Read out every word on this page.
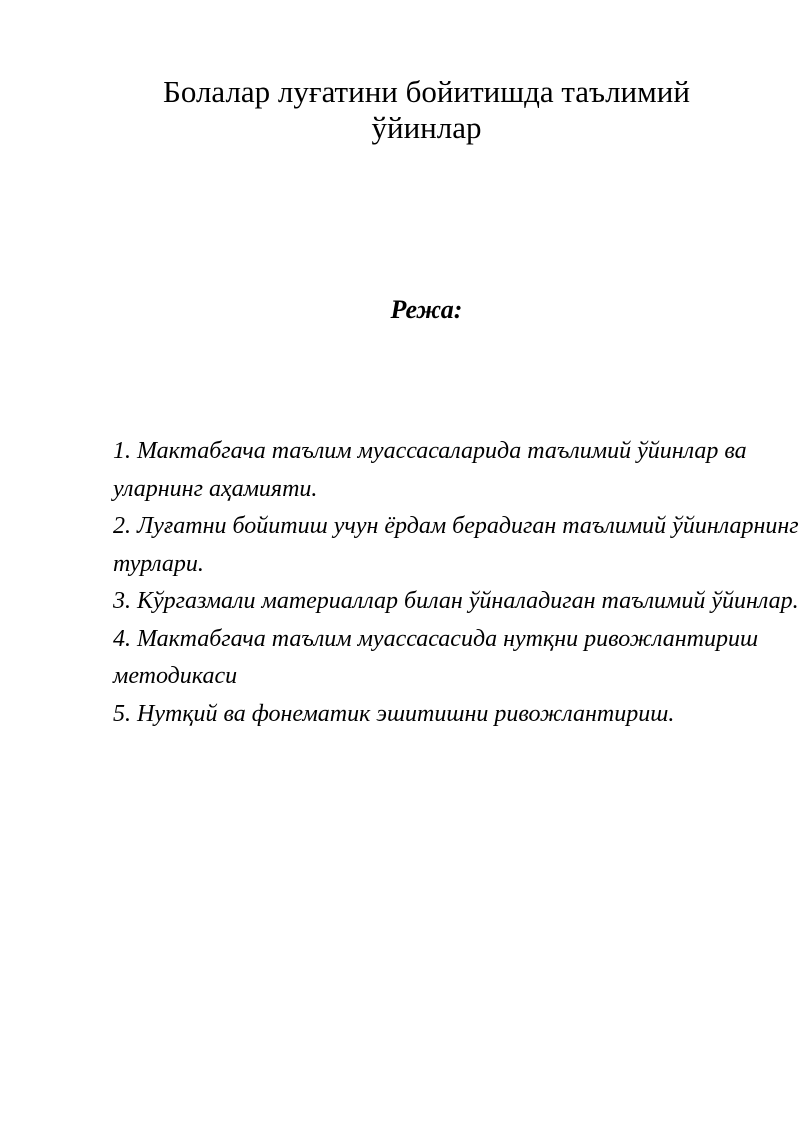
Болалар луғатини бойитишда таълимий ўйинлар
Режа:
1. Мактабгача таълим муассасаларида таълимий ўйинлар ва
уларнинг аҳамияти.
2. Луғатни бойитиш учун ёрдам берадиган таълимий ўйинларнинг
турлари.
3. Кўргазмали материаллар билан ўйналадиган таълимий ўйинлар.
4. Мактабгача таълим муассасасида нутқни ривожлантириш
методикаси
5. Нутқий ва фонематик эшитишни ривожлантириш.
